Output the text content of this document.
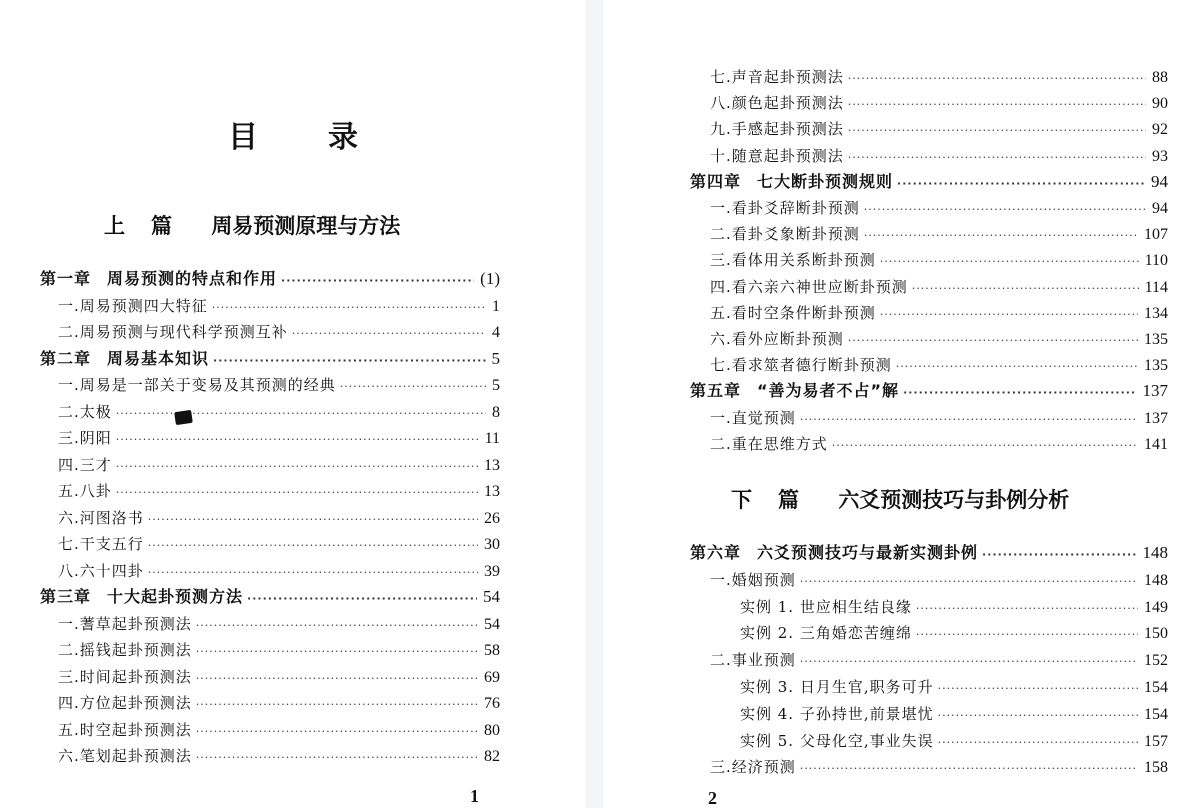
目录
上篇 周易预测原理与方法
第一章 周易预测的特点和作用 ·····	(1)
一.周易预测四大特征 ·····	1
二.周易预测与现代科学预测互补 ·····	4
第二章 周易基本知识 ·····	5
一.周易是一部关于变易及其预测的经典 ·····	5
二.太极 ·····	8
三.阴阳 ·····	11
四.三才 ·····	13
五.八卦 ·····	13
六.河图洛书 ·····	26
七.干支五行 ·····	30
八.六十四卦 ·····	39
第三章 十大起卦预测方法 ·····	54
一.蓍草起卦预测法 ·····	54
二.摇钱起卦预测法 ·····	58
三.时间起卦预测法 ·····	69
四.方位起卦预测法 ·····	76
五.时空起卦预测法 ·····	80
六.笔划起卦预测法 ·····	82
1
七.声音起卦预测法 ·····	88
八.颜色起卦预测法 ·····	90
九.手感起卦预测法 ·····	92
十.随意起卦预测法 ·····	93
第四章 七大断卦预测规则 ·····	94
一.看卦爻辞断卦预测 ·····	94
二.看卦爻象断卦预测 ·····	107
三.看体用关系断卦预测 ·····	110
四.看六亲六神世应断卦预测 ·····	114
五.看时空条件断卦预测 ·····	134
六.看外应断卦预测 ·····	135
七.看求筮者德行断卦预测 ·····	135
第五章 “善为易者不占”解 ·····	137
一.直觉预测 ·····	137
二.重在思维方式 ·····	141
下篇 六爻预测技巧与卦例分析
第六章 六爻预测技巧与最新实测卦例 ·····	148
一.婚姻预测 ·····	148
实例 1. 世应相生结良缘 ·····	149
实例 2. 三角婚恋苦缠绵 ·····	150
二.事业预测 ·····	152
实例 3. 日月生官,职务可升 ·····	154
实例 4. 子孙持世,前景堪忧 ·····	154
实例 5. 父母化空,事业失误 ·····	157
三.经济预测 ·····	158
2
